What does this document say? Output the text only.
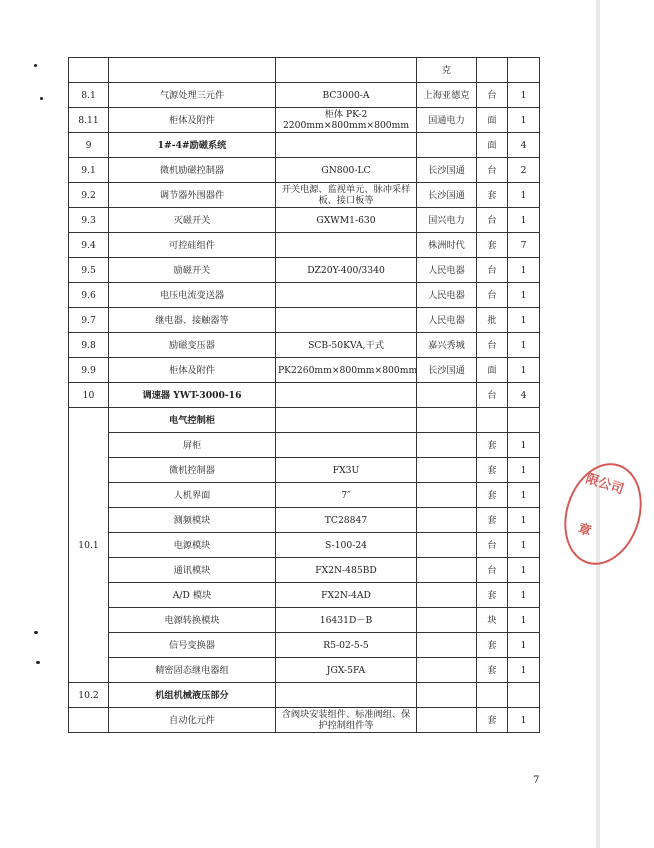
			克		
8.1	气源处理三元件	BC3000-A	上海亚德克	台	1
8.11	柜体及附件	柜体 PK-2 2200mm×800mm×800mm	国通电力	面	1
9	1#-4#励磁系统			面	4
9.1	微机励磁控制器	GN800-LC	长沙国通	台	2
9.2	调节器外围器件	开关电源、监视单元、脉冲采样板、接口板等	长沙国通	套	1
9.3	灭磁开关	GXWM1-630	国兴电力	台	1
9.4	可控硅组件		株洲时代	套	7
9.5	励磁开关	DZ20Y-400/3340	人民电器	台	1
9.6	电压电流变送器		人民电器	台	1
9.7	继电器、接触器等		人民电器	批	1
9.8	励磁变压器	SCB-50KVA,干式	嘉兴秀城	台	1
9.9	柜体及附件	PK2260mm×800mm×800mm	长沙国通	面	1
10	调速器 YWT-3000-16			台	4
10.1	电气控制柜				
	屏柜			套	1
	微机控制器	FX3U		套	1
	人机界面	7″		套	1
	测频模块	TC28847		套	1
	电源模块	S-100-24		台	1
	通讯模块	FX2N-485BD		台	1
	A/D 模块	FX2N-4AD		套	1
	电源转换模块	16431D－B		块	1
	信号变换器	R5-02-5-5		套	1
	精密固态继电器组	JGX-5FA		套	1
10.2	机组机械液压部分				
	自动化元件	含阀块安装组件、标准阀组、保护控制组件等		套	1
限公司
章
7
